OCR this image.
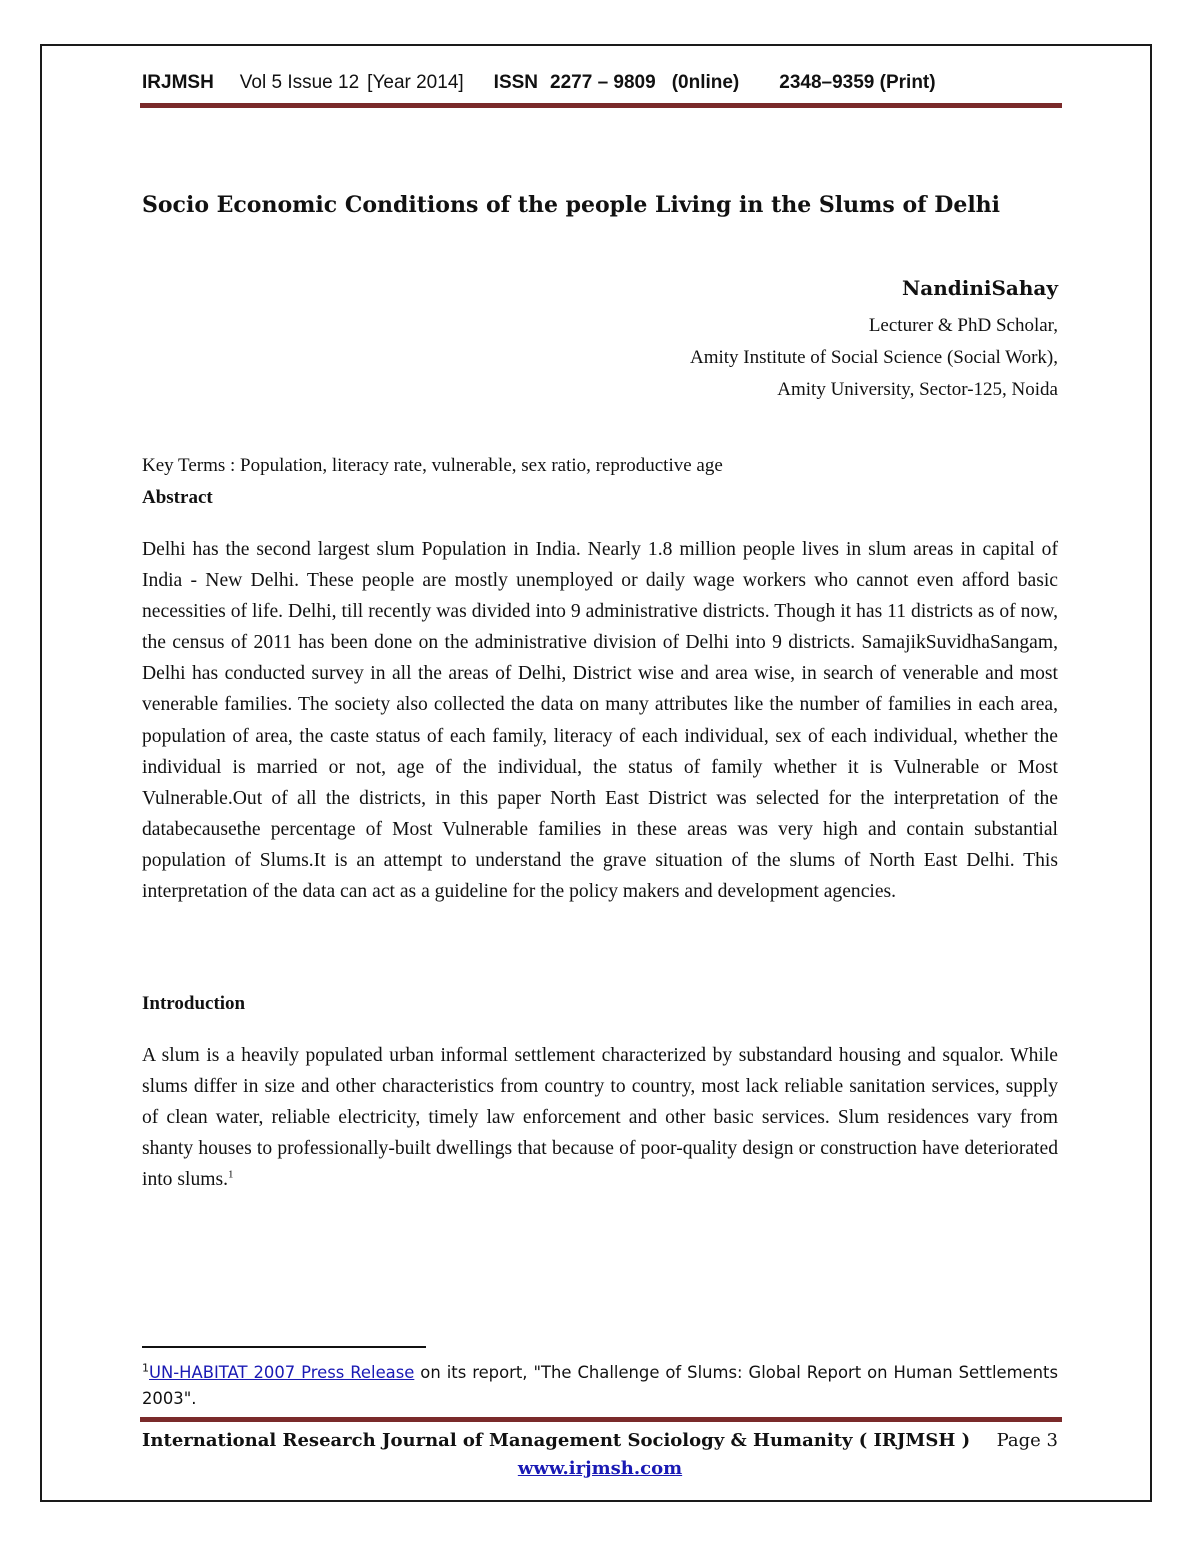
IRJMSH Vol 5 Issue 12 [Year 2014] ISSN 2277 – 9809 (0nline) 2348–9359 (Print)
Socio Economic Conditions of the people Living in the Slums of Delhi
NandiniSahay
Lecturer & PhD Scholar,
Amity Institute of Social Science (Social Work),
Amity University, Sector-125, Noida
Key Terms : Population, literacy rate, vulnerable, sex ratio, reproductive age
Abstract
Delhi has the second largest slum Population in India. Nearly 1.8 million people lives in slum areas in capital of India - New Delhi. These people are mostly unemployed or daily wage workers who cannot even afford basic necessities of life. Delhi, till recently was divided into 9 administrative districts. Though it has 11 districts as of now, the census of 2011 has been done on the administrative division of Delhi into 9 districts. SamajikSuvidhaSangam, Delhi has conducted survey in all the areas of Delhi, District wise and area wise, in search of venerable and most venerable families. The society also collected the data on many attributes like the number of families in each area, population of area, the caste status of each family, literacy of each individual, sex of each individual, whether the individual is married or not, age of the individual, the status of family whether it is Vulnerable or Most Vulnerable.Out of all the districts, in this paper North East District was selected for the interpretation of the databecausethe percentage of Most Vulnerable families in these areas was very high and contain substantial population of Slums.It is an attempt to understand the grave situation of the slums of North East Delhi. This interpretation of the data can act as a guideline for the policy makers and development agencies.
Introduction
A slum is a heavily populated urban informal settlement characterized by substandard housing and squalor. While slums differ in size and other characteristics from country to country, most lack reliable sanitation services, supply of clean water, reliable electricity, timely law enforcement and other basic services. Slum residences vary from shanty houses to professionally-built dwellings that because of poor-quality design or construction have deteriorated into slums.$^1$
$^1$UN-HABITAT 2007 Press Release on its report, "The Challenge of Slums: Global Report on Human Settlements 2003".
International Research Journal of Management Sociology & Humanity ( IRJMSH ) Page 3
www.irjmsh.com
